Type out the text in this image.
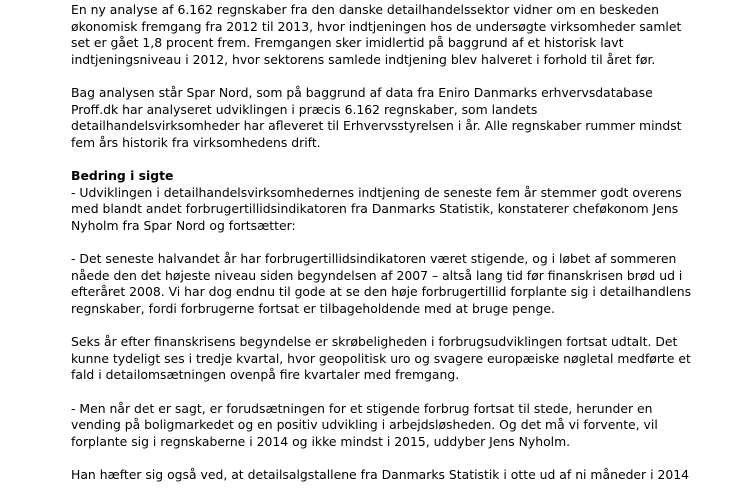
En ny analyse af 6.162 regnskaber fra den danske detailhandelssektor vidner om en beskeden
økonomisk fremgang fra 2012 til 2013, hvor indtjeningen hos de undersøgte virksomheder samlet
set er gået 1,8 procent frem. Fremgangen sker imidlertid på baggrund af et historisk lavt
indtjeningsniveau i 2012, hvor sektorens samlede indtjening blev halveret i forhold til året før.

Bag analysen står Spar Nord, som på baggrund af data fra Eniro Danmarks erhvervsdatabase
Proff.dk har analyseret udviklingen i præcis 6.162 regnskaber, som landets
detailhandelsvirksomheder har afleveret til Erhvervsstyrelsen i år. Alle regnskaber rummer mindst
fem års historik fra virksomhedens drift.

Bedring i sigte

- Udviklingen i detailhandelsvirksomhedernes indtjening de seneste fem år stemmer godt overens
med blandt andet forbrugertillidsindikatoren fra Danmarks Statistik, konstaterer cheføkonom Jens
Nyholm fra Spar Nord og fortsætter:

- Det seneste halvandet år har forbrugertillidsindikatoren været stigende, og i løbet af sommeren
nåede den det højeste niveau siden begyndelsen af 2007 – altså lang tid før finanskrisen brød ud i
efteråret 2008. Vi har dog endnu til gode at se den høje forbrugertillid forplante sig i detailhandlens
regnskaber, fordi forbrugerne fortsat er tilbageholdende med at bruge penge.

Seks år efter finanskrisens begyndelse er skrøbeligheden i forbrugsudviklingen fortsat udtalt. Det
kunne tydeligt ses i tredje kvartal, hvor geopolitisk uro og svagere europæiske nøgletal medførte et
fald i detailomsætningen ovenpå fire kvartaler med fremgang.

- Men når det er sagt, er forudsætningen for et stigende forbrug fortsat til stede, herunder en
vending på boligmarkedet og en positiv udvikling i arbejdsløsheden. Og det må vi forvente, vil
forplante sig i regnskaberne i 2014 og ikke mindst i 2015, uddyber Jens Nyholm.

Han hæfter sig også ved, at detailsalgstallene fra Danmarks Statistik i otte ud af ni måneder i 2014
